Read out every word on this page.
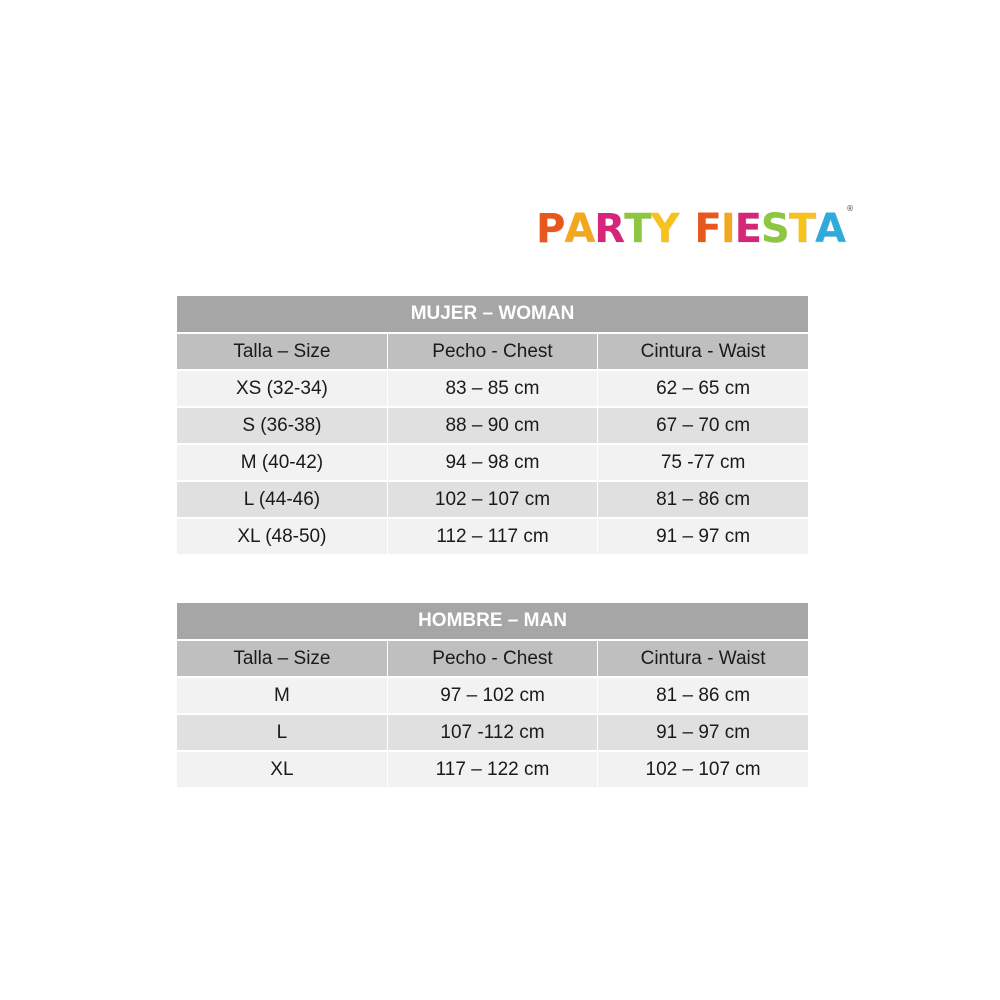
P A R T Y F I E S T A ®
MUJER – WOMAN		
Talla – Size	Pecho - Chest	Cintura - Waist
XS (32-34)	83 – 85 cm	62 – 65 cm
S (36-38)	88 – 90 cm	67 – 70 cm
M (40-42)	94 – 98 cm	75 -77 cm
L (44-46)	102 – 107 cm	81 – 86 cm
XL (48-50)	112 – 117 cm	91 – 97 cm
HOMBRE – MAN		
Talla – Size	Pecho - Chest	Cintura - Waist
M	97 – 102 cm	81 – 86 cm
L	107 -112 cm	91 – 97 cm
XL	117 – 122 cm	102 – 107 cm
